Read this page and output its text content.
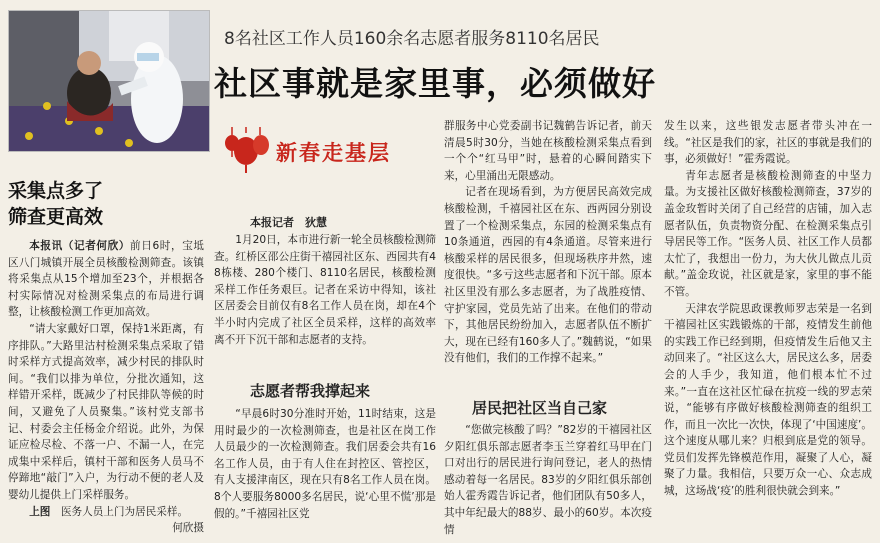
8名社区工作人员160余名志愿者服务8110名居民
社区事就是家里事，必须做好
新春走基层
采集点多了
筛查更高效

本报讯（记者何欣）前日6时，宝坻区八门城镇开展全员核酸检测筛查。该镇将采集点从15个增加至23个，并根据各村实际情况对检测采集点的布局进行调整，让核酸检测工作更加高效。

“请大家戴好口罩，保持1米距离，有序排队。”大路里沽村检测采集点采取了错时采样方式提高效率，减少村民的排队时间。“我们以排为单位，分批次通知，这样错开采样，既减少了村民排队等候的时间，又避免了人员聚集。”该村党支部书记、村委会主任杨金介绍说。此外，为保证应检尽检、不落一户、不漏一人，在完成集中采样后，镇村干部和医务人员马不停蹄地“敲门”入户，为行动不便的老人及婴幼儿提供上门采样服务。

上图　 医务人员上门为居民采样。

何欣摄
本报记者　狄慧

1月20日，本市进行新一轮全员核酸检测筛查。红桥区邵公庄街干禧园社区东、西园共有48栋楼、280个楼门、8110名居民，核酸检测采样工作任务艰巨。记者在采访中得知，该社区居委会目前仅有8名工作人员在岗，却在4个半小时内完成了社区全员采样，这样的高效率离不开下沉干部和志愿者的支持。

志愿者帮我撑起来

“早晨6时30分准时开始，11时结束，这是用时最少的一次检测筛查，也是社区在岗工作人员最少的一次检测筛查。我们居委会共有16名工作人员，由于有人住在封控区、管控区，有人支援津南区，现在只有8名工作人员在岗。8个人要服务8000多名居民，说‘心里不慌’那是假的。”千禧园社区党

群服务中心党委副书记魏鹤告诉记者，前天清晨5时30分，当她在核酸检测采集点看到一个个“红马甲”时，悬着的心瞬间踏实下来，心里涌出无限感动。

记者在现场看到，为方便居民高效完成核酸检测，千禧园社区在东、西两园分别设置了一个检测采集点，东园的检测采集点有10条通道，西园的有4条通道。尽管来进行核酸采样的居民很多，但现场秩序井然，速度很快。“多亏这些志愿者和下沉干部。原本社区里没有那么多志愿者，为了战胜疫情、守护家园，党员先站了出来。在他们的带动下，其他居民纷纷加入，志愿者队伍不断扩大，现在已经有160多人了。”魏鹤说，“如果没有他们，我们的工作撑不起来。”

居民把社区当自己家

“您做完核酸了吗？”82岁的干禧园社区夕阳红俱乐部志愿者李玉兰穿着红马甲在门口对出行的居民进行询问登记，老人的热情感动着每一名居民。83岁的夕阳红俱乐部创始人霍秀霞告诉记者，他们团队有50多人，其中年纪最大的88岁、最小的60岁。本次疫情

发生以来，这些银发志愿者带头冲在一线。“社区是我们的家，社区的事就是我们的事，必须做好！”霍秀霞说。

青年志愿者是核酸检测筛查的中坚力量。为支援社区做好核酸检测筛查，37岁的盖金玫暂时关闭了自己经营的店铺，加入志愿者队伍，负责物资分配、在检测采集点引导居民等工作。“医务人员、社区工作人员都太忙了，我想出一份力，为大伙儿做点儿贡献。”盖金玫说，社区就是家，家里的事不能不管。

天津农学院思政课教师罗志荣是一名到干禧园社区实践锻炼的干部，疫情发生前他的实践工作已经到期，但疫情发生后他又主动回来了。“社区这么大，居民这么多，居委会的人手少，我知道，他们根本忙不过来。”一直在这社区忙碌在抗疫一线的罗志荣说，“能够有序做好核酸检测筛查的组织工作，而且一次比一次快，体现了‘中国速度’。这个速度从哪儿来？归根到底是党的领导。党员们发挥先锋模范作用，凝聚了人心，凝聚了力量。我相信，只要万众一心、众志成城，这场战‘疫’的胜利很快就会到来。”
